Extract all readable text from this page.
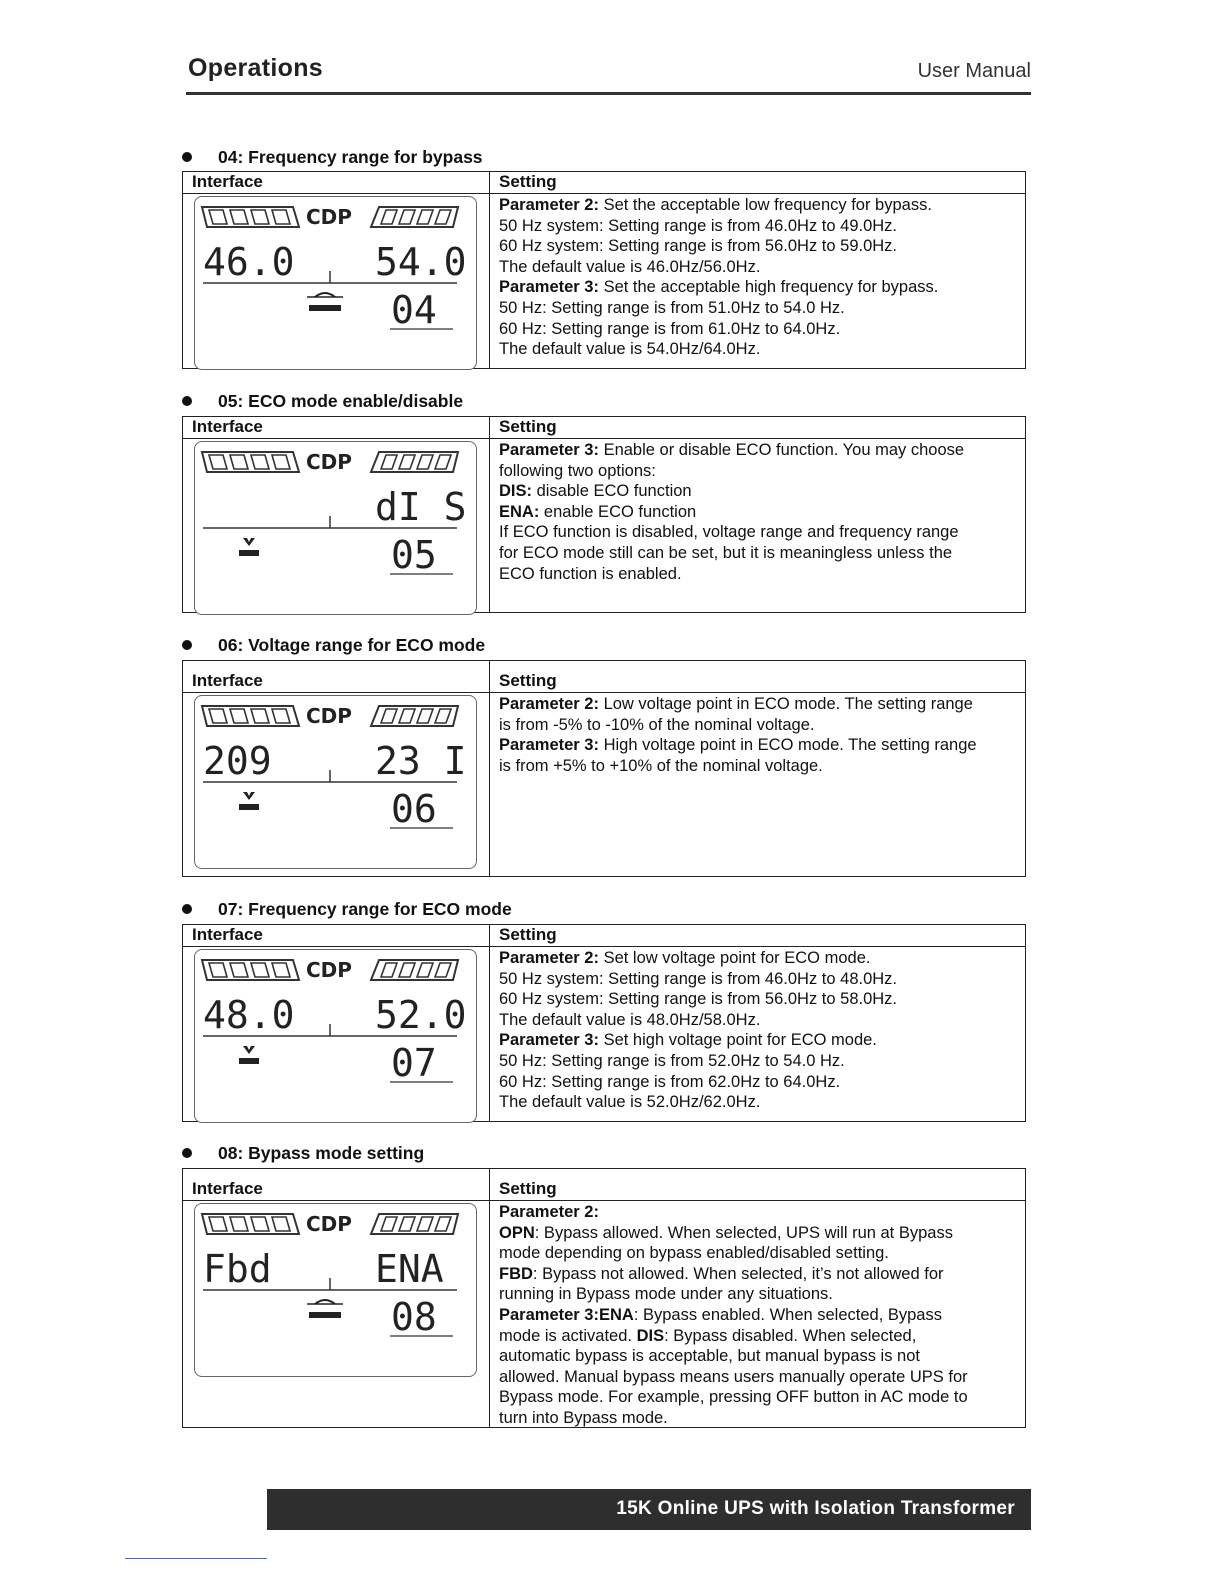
Operations	User Manual
04: Frequency range for bypass
Interface	Setting
CDP
46.0 54.0
04

Parameter 2: Set the acceptable low frequency for bypass.

50 Hz system: Setting range is from 46.0Hz to 49.0Hz.

60 Hz system: Setting range is from 56.0Hz to 59.0Hz.

The default value is 46.0Hz/56.0Hz.

Parameter 3: Set the acceptable high frequency for bypass.

50 Hz: Setting range is from 51.0Hz to 54.0 Hz.

60 Hz: Setting range is from 61.0Hz to 64.0Hz.

The default value is 54.0Hz/64.0Hz.

05: ECO mode enable/disable
Interface	Setting
CDP
dI S
05

Parameter 3: Enable or disable ECO function. You may choose

following two options:

DIS: disable ECO function

ENA: enable ECO function

If ECO function is disabled, voltage range and frequency range

for ECO mode still can be set, but it is meaningless unless the

ECO function is enabled.

06: Voltage range for ECO mode
Interface	Setting
CDP
209	23 I
06

Parameter 2: Low voltage point in ECO mode. The setting range

is from -5% to -10% of the nominal voltage.

Parameter 3: High voltage point in ECO mode. The setting range

is from +5% to +10% of the nominal voltage.

07: Frequency range for ECO mode
Interface	Setting
CDP
48.0 52.0
07

Parameter 2: Set low voltage point for ECO mode.

50 Hz system: Setting range is from 46.0Hz to 48.0Hz.

60 Hz system: Setting range is from 56.0Hz to 58.0Hz.

The default value is 48.0Hz/58.0Hz.

Parameter 3: Set high voltage point for ECO mode.

50 Hz: Setting range is from 52.0Hz to 54.0 Hz.

60 Hz: Setting range is from 62.0Hz to 64.0Hz.

The default value is 52.0Hz/62.0Hz.

08: Bypass mode setting
Interface	Setting
CDP
Fbd	ENA
08

Parameter 2:

OPN: Bypass allowed. When selected, UPS will run at Bypass

mode depending on bypass enabled/disabled setting.

FBD: Bypass not allowed. When selected, it’s not allowed for

running in Bypass mode under any situations.

Parameter 3:ENA: Bypass enabled. When selected, Bypass

mode is activated. DIS: Bypass disabled. When selected,

automatic bypass is acceptable, but manual bypass is not

allowed. Manual bypass means users manually operate UPS for

Bypass mode. For example, pressing OFF button in AC mode to

turn into Bypass mode.

15K Online UPS with Isolation Transformer
